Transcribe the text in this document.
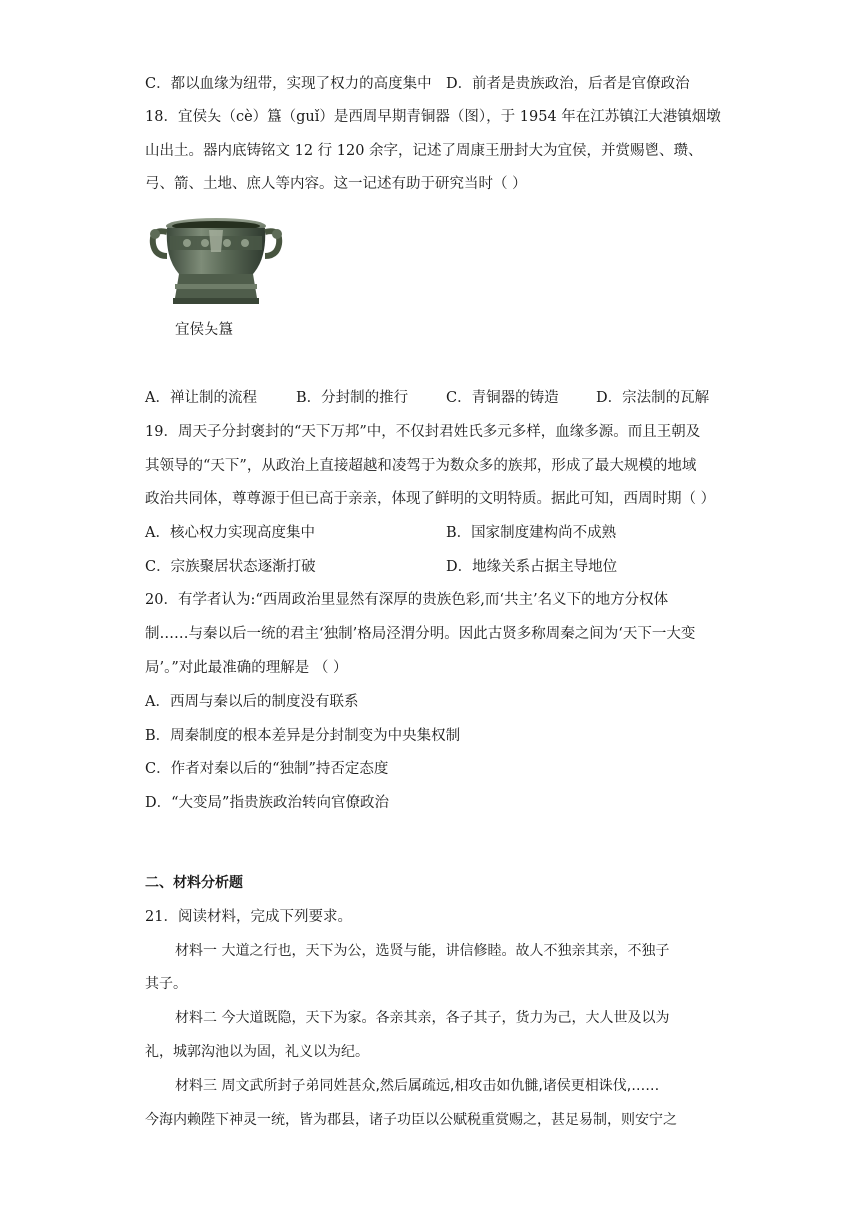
C．都以血缘为纽带，实现了权力的高度集中 D．前者是贵族政治，后者是官僚政治
18．宜侯夨（cè）簋（guǐ）是西周早期青铜器（图），于 1954 年在江苏镇江大港镇烟墩
山出土。器内底铸铭文 12 行 120 余字，记述了周康王册封大为宜侯，并赏赐鬯、瓒、
弓、箭、土地、庶人等内容。这一记述有助于研究当时（ ）
宜侯夨簋
A．禅让制的流程	B．分封制的推行	C．青铜器的铸造	D．宗法制的瓦解
19．周天子分封褒封的“天下万邦”中，不仅封君姓氏多元多样，血缘多源。而且王朝及
其领导的“天下”，从政治上直接超越和凌驾于为数众多的族邦，形成了最大规模的地域
政治共同体，尊尊源于但已高于亲亲，体现了鲜明的文明特质。据此可知，西周时期（ ）
A．核心权力实现高度集中	B．国家制度建构尚不成熟
C．宗族聚居状态逐渐打破	D．地缘关系占据主导地位
20．有学者认为:“西周政治里显然有深厚的贵族色彩,而‘共主’名义下的地方分权体
制……与秦以后一统的君主‘独制’格局泾渭分明。因此古贤多称周秦之间为‘天下一大变
局’。”对此最准确的理解是 （ ）
A．西周与秦以后的制度没有联系
B．周秦制度的根本差异是分封制变为中央集权制
C．作者对秦以后的“独制”持否定态度
D．“大变局”指贵族政治转向官僚政治
二、材料分析题
21．阅读材料，完成下列要求。
材料一 大道之行也，天下为公，选贤与能，讲信修睦。故人不独亲其亲，不独子
其子。
材料二 今大道既隐，天下为家。各亲其亲，各子其子，货力为己，大人世及以为
礼，城郭沟池以为固，礼义以为纪。
材料三 周文武所封子弟同姓甚众,然后属疏远,相攻击如仇雠,诸侯更相诛伐,……
今海内赖陛下神灵一统，皆为郡县，诸子功臣以公赋税重赏赐之，甚足易制，则安宁之
